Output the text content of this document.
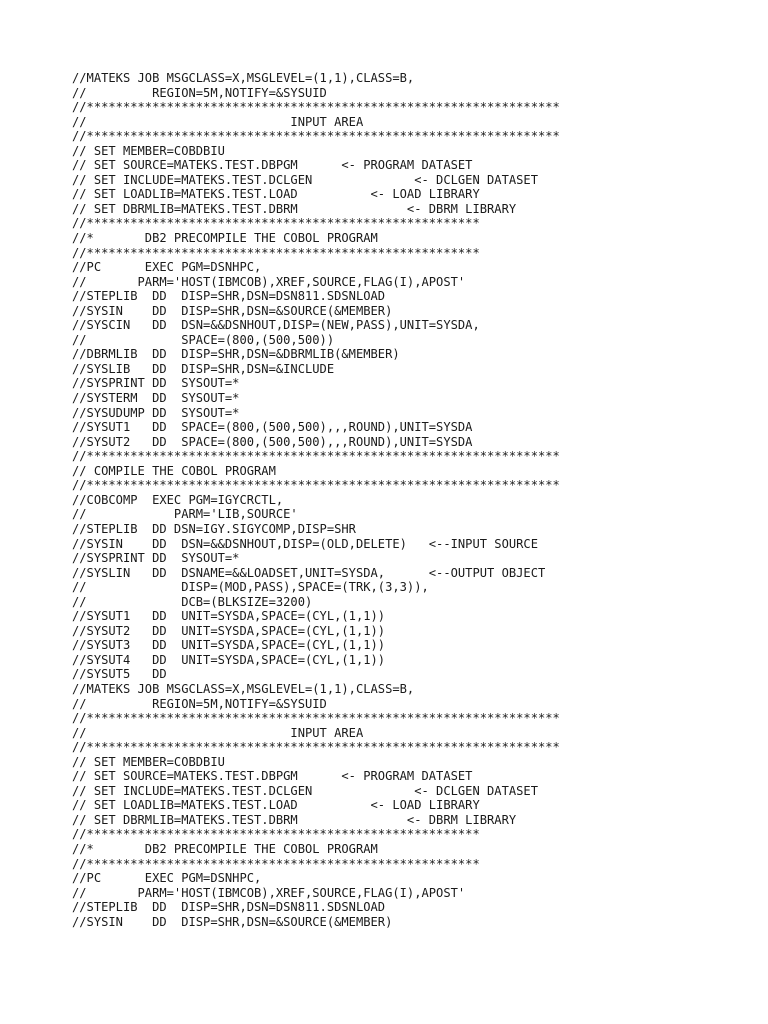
//MATEKS JOB MSGCLASS=X,MSGLEVEL=(1,1),CLASS=B,
//         REGION=5M,NOTIFY=&SYSUID
//*****************************************************************
//                            INPUT AREA
//*****************************************************************
// SET MEMBER=COBDBIU
// SET SOURCE=MATEKS.TEST.DBPGM      <- PROGRAM DATASET
// SET INCLUDE=MATEKS.TEST.DCLGEN              <- DCLGEN DATASET
// SET LOADLIB=MATEKS.TEST.LOAD          <- LOAD LIBRARY
// SET DBRMLIB=MATEKS.TEST.DBRM               <- DBRM LIBRARY
//******************************************************
//*       DB2 PRECOMPILE THE COBOL PROGRAM
//******************************************************
//PC      EXEC PGM=DSNHPC,
//       PARM='HOST(IBMCOB),XREF,SOURCE,FLAG(I),APOST'
//STEPLIB  DD  DISP=SHR,DSN=DSN811.SDSNLOAD
//SYSIN    DD  DISP=SHR,DSN=&SOURCE(&MEMBER)
//SYSCIN   DD  DSN=&&DSNHOUT,DISP=(NEW,PASS),UNIT=SYSDA,
//             SPACE=(800,(500,500))
//DBRMLIB  DD  DISP=SHR,DSN=&DBRMLIB(&MEMBER)
//SYSLIB   DD  DISP=SHR,DSN=&INCLUDE
//SYSPRINT DD  SYSOUT=*
//SYSTERM  DD  SYSOUT=*
//SYSUDUMP DD  SYSOUT=*
//SYSUT1   DD  SPACE=(800,(500,500),,,ROUND),UNIT=SYSDA
//SYSUT2   DD  SPACE=(800,(500,500),,,ROUND),UNIT=SYSDA
//*****************************************************************
// COMPILE THE COBOL PROGRAM
//*****************************************************************
//COBCOMP  EXEC PGM=IGYCRCTL,
//            PARM='LIB,SOURCE'
//STEPLIB  DD DSN=IGY.SIGYCOMP,DISP=SHR
//SYSIN    DD  DSN=&&DSNHOUT,DISP=(OLD,DELETE)   <--INPUT SOURCE
//SYSPRINT DD  SYSOUT=*
//SYSLIN   DD  DSNAME=&&LOADSET,UNIT=SYSDA,      <--OUTPUT OBJECT
//             DISP=(MOD,PASS),SPACE=(TRK,(3,3)),
//             DCB=(BLKSIZE=3200)
//SYSUT1   DD  UNIT=SYSDA,SPACE=(CYL,(1,1))
//SYSUT2   DD  UNIT=SYSDA,SPACE=(CYL,(1,1))
//SYSUT3   DD  UNIT=SYSDA,SPACE=(CYL,(1,1))
//SYSUT4   DD  UNIT=SYSDA,SPACE=(CYL,(1,1))
//SYSUT5   DD
//MATEKS JOB MSGCLASS=X,MSGLEVEL=(1,1),CLASS=B,
//         REGION=5M,NOTIFY=&SYSUID
//*****************************************************************
//                            INPUT AREA
//*****************************************************************
// SET MEMBER=COBDBIU
// SET SOURCE=MATEKS.TEST.DBPGM      <- PROGRAM DATASET
// SET INCLUDE=MATEKS.TEST.DCLGEN              <- DCLGEN DATASET
// SET LOADLIB=MATEKS.TEST.LOAD          <- LOAD LIBRARY
// SET DBRMLIB=MATEKS.TEST.DBRM               <- DBRM LIBRARY
//******************************************************
//*       DB2 PRECOMPILE THE COBOL PROGRAM
//******************************************************
//PC      EXEC PGM=DSNHPC,
//       PARM='HOST(IBMCOB),XREF,SOURCE,FLAG(I),APOST'
//STEPLIB  DD  DISP=SHR,DSN=DSN811.SDSNLOAD
//SYSIN    DD  DISP=SHR,DSN=&SOURCE(&MEMBER)
